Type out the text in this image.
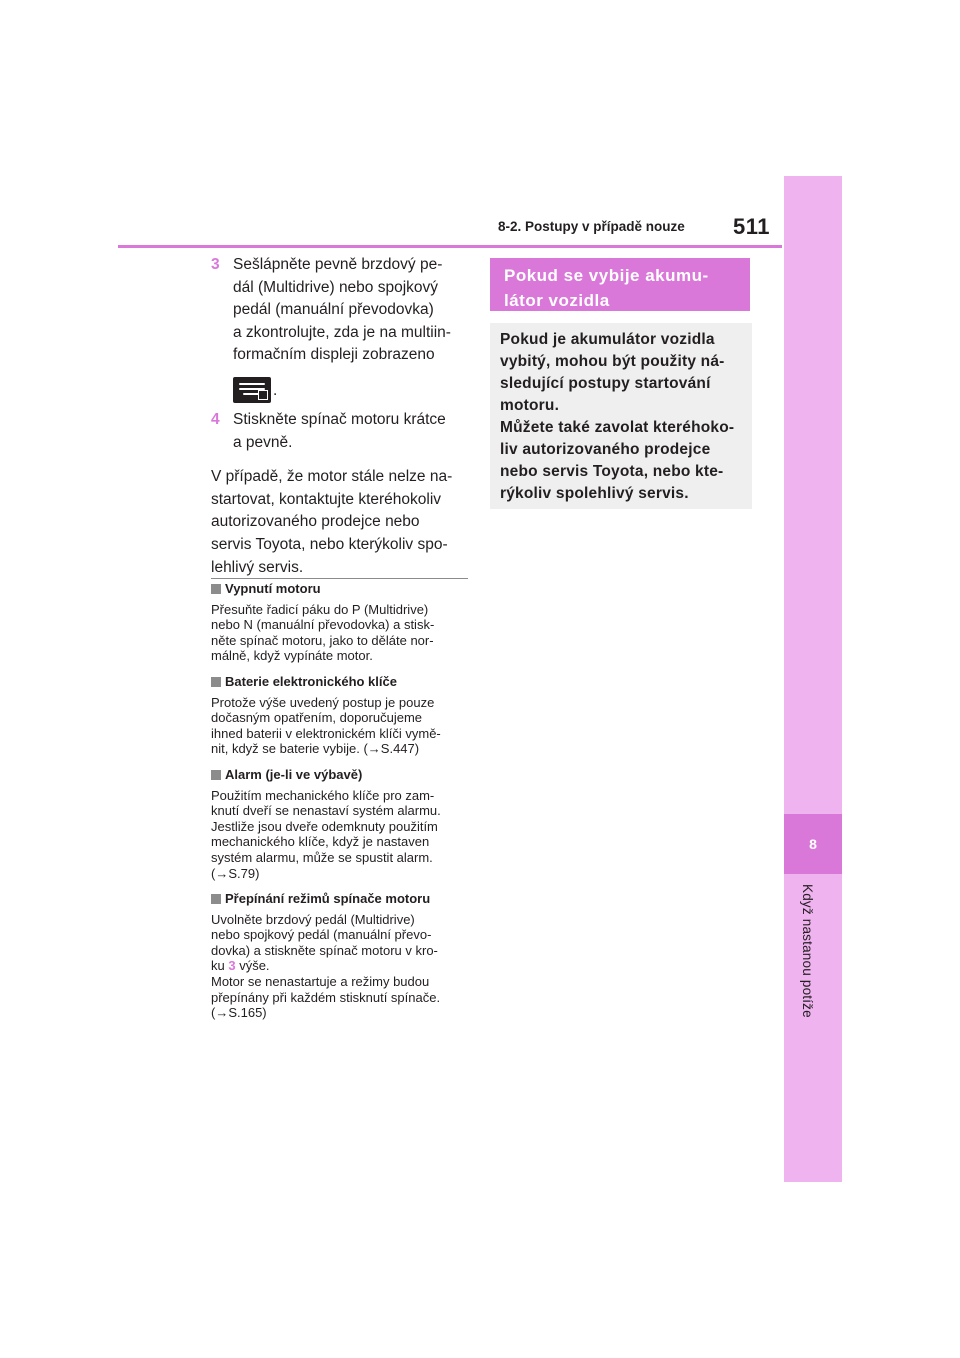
8
Když nastanou potíže
8-2. Postupy v případě nouze 511
3 Sešlápněte pevně brzdový pe-
dál (Multidrive) nebo spojkový
pedál (manuální převodovka)
a zkontrolujte, zda je na multiin-
formačním displeji zobrazeno
.
4 Stiskněte spínač motoru krátce
a pevně.
V případě, že motor stále nelze na-
startovat, kontaktujte kteréhokoliv
autorizovaného prodejce nebo
servis Toyota, nebo kterýkoliv spo-
lehlivý servis.
Vypnutí motoru
Přesuňte řadicí páku do P (Multidrive)
nebo N (manuální převodovka) a stisk-
něte spínač motoru, jako to děláte nor-
málně, když vypínáte motor.
Baterie elektronického klíče
Protože výše uvedený postup je pouze
dočasným opatřením, doporučujeme
ihned baterii v elektronickém klíči vymě-
nit, když se baterie vybije. (→S.447)
Alarm (je-li ve výbavě)
Použitím mechanického klíče pro zam-
knutí dveří se nenastaví systém alarmu.
Jestliže jsou dveře odemknuty použitím
mechanického klíče, když je nastaven
systém alarmu, může se spustit alarm.
(→S.79)
Přepínání režimů spínače motoru
Uvolněte brzdový pedál (Multidrive)
nebo spojkový pedál (manuální převo-
dovka) a stiskněte spínač motoru v kro-
ku 3 výše.
Motor se nenastartuje a režimy budou
přepínány při každém stisknutí spínače.
(→S.165)
Pokud se vybije akumu-
látor vozidla
Pokud je akumulátor vozidla
vybitý, mohou být použity ná-
sledující postupy startování
motoru.
Můžete také zavolat kteréhoko-
liv autorizovaného prodejce
nebo servis Toyota, nebo kte-
rýkoliv spolehlivý servis.
